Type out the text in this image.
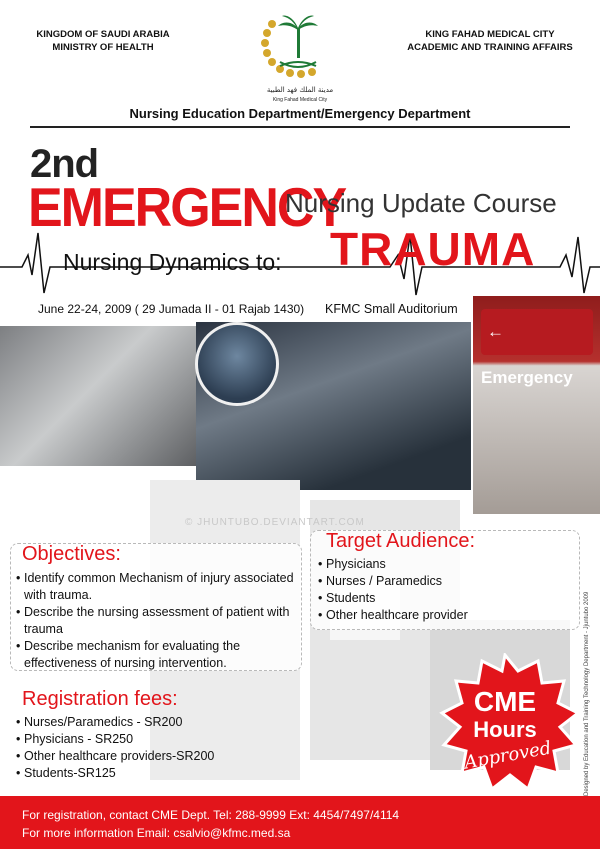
KINGDOM OF SAUDI ARABIA
MINISTRY OF HEALTH
KING FAHAD MEDICAL CITY
ACADEMIC AND TRAINING AFFAIRS
مدينة الملك فهد الطبية
King Fahad Medical City
Nursing Education Department/Emergency Department
2nd
EMERGENCY
Nursing Update Course
Nursing Dynamics to: TRAUMA
June 22-24, 2009 ( 29 Jumada II - 01 Rajab 1430) KFMC Small Auditorium
← Emergency
© JHUNTUBO.DEVIANTART.COM
Objectives:
• Identify common Mechanism of injury associated with trauma.
• Describe the nursing assessment of patient with trauma
• Describe mechanism for evaluating the effectiveness of nursing intervention.
Target Audience:
• Physicians
• Nurses / Paramedics
• Students
• Other healthcare provider
Registration fees:
• Nurses/Paramedics - SR200
• Physicians - SR250
• Other healthcare providers-SR200
• Students-SR125
CME
Hours
Approved	Designed by Education and Training Technology Department - Jjuntubo 2009
For registration, contact CME Dept. Tel: 288-9999 Ext: 4454/7497/4114
For more information Email: csalvio@kfmc.med.sa
